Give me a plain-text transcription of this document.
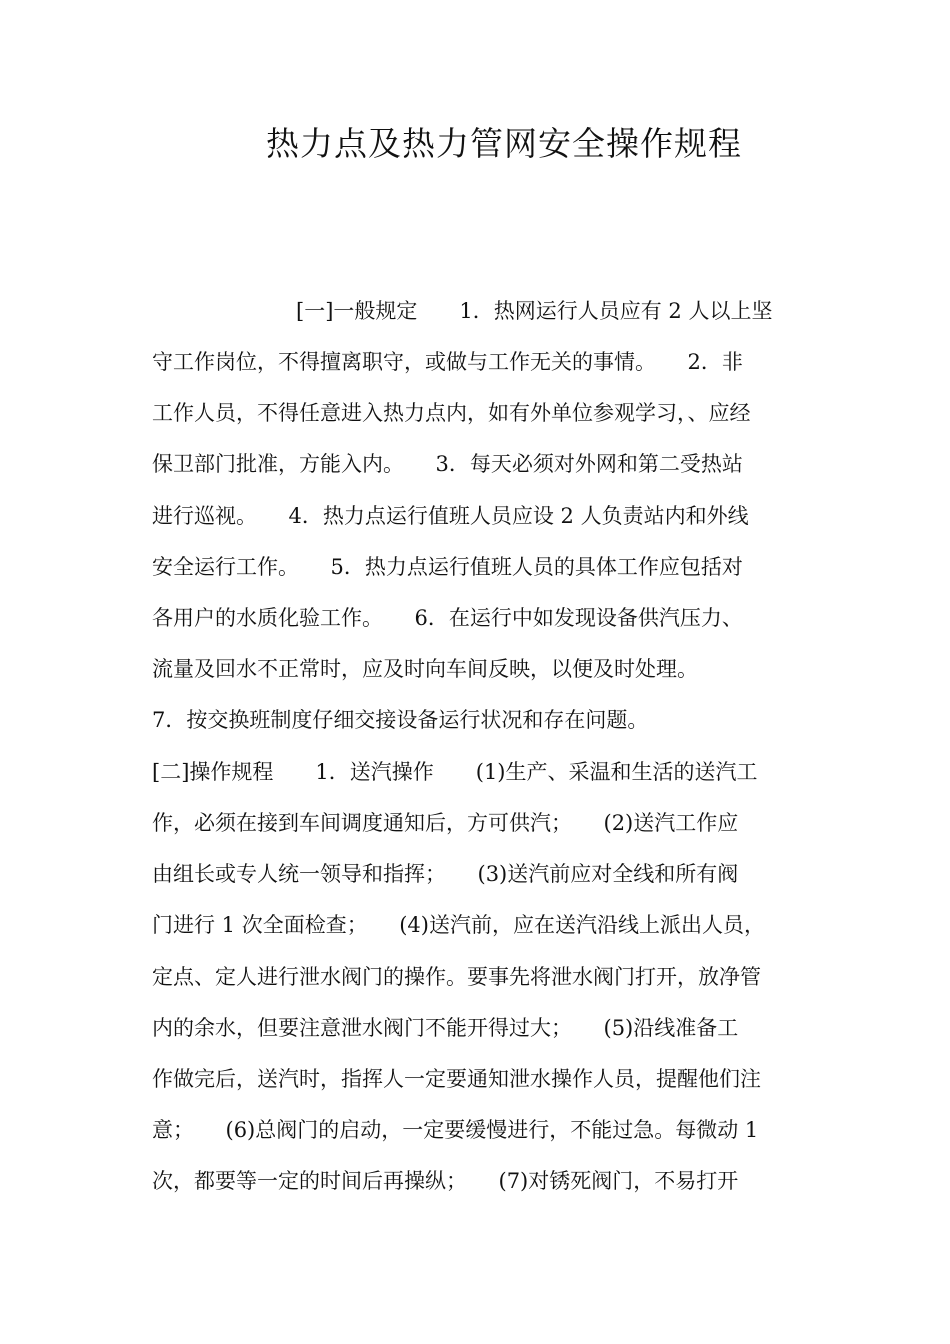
热力点及热力管网安全操作规程
[一]一般规定　　1．热网运行人员应有 2 人以上坚
守工作岗位，不得擅离职守，或做与工作无关的事情。　　2．非
工作人员，不得任意进入热力点内，如有外单位参观学习，、应经
保卫部门批准，方能入内。　　3．每天必须对外网和第二受热站
进行巡视。　　4．热力点运行值班人员应设 2 人负责站内和外线
安全运行工作。　　5．热力点运行值班人员的具体工作应包括对
各用户的水质化验工作。　　6．在运行中如发现设备供汽压力、
流量及回水不正常时，应及时向车间反映，以便及时处理。
7．按交换班制度仔细交接设备运行状况和存在问题。
[二]操作规程　　1．送汽操作　　(1)生产、采温和生活的送汽工
作，必须在接到车间调度通知后，方可供汽；　　(2)送汽工作应
由组长或专人统一领导和指挥；　　(3)送汽前应对全线和所有阀
门进行 1 次全面检查；　　(4)送汽前，应在送汽沿线上派出人员，
定点、定人进行泄水阀门的操作。要事先将泄水阀门打开，放净管
内的余水，但要注意泄水阀门不能开得过大；　　(5)沿线准备工
作做完后，送汽时，指挥人一定要通知泄水操作人员，提醒他们注
意；　　(6)总阀门的启动，一定要缓慢进行，不能过急。每微动 1
次，都要等一定的时间后再操纵；　　(7)对锈死阀门，不易打开
